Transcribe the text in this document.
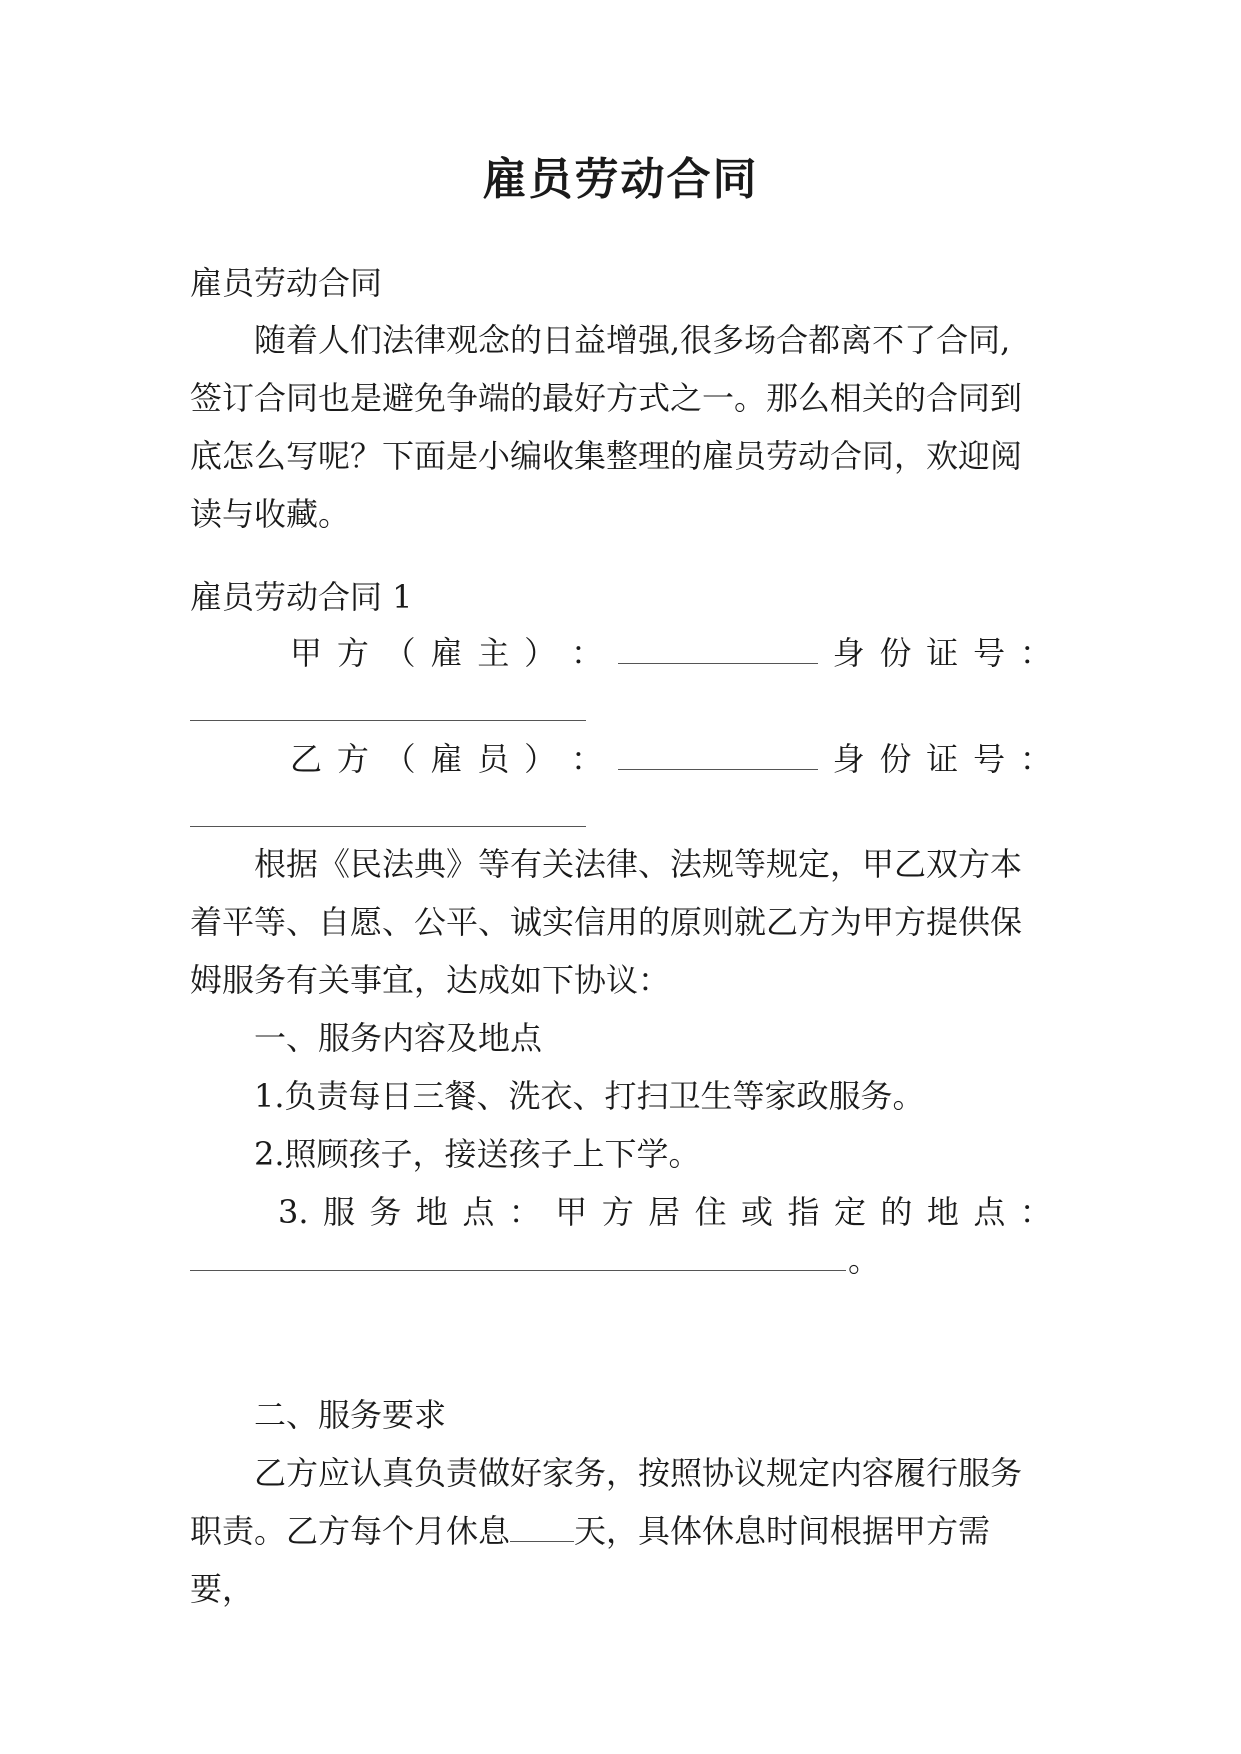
雇员劳动合同

雇员劳动合同

随着人们法律观念的日益增强,很多场合都离不了合同,

签订合同也是避免争端的最好方式之一。那么相关的合同到

底怎么写呢？下面是小编收集整理的雇员劳动合同，欢迎阅

读与收藏。

雇员劳动合同 1

甲 方 （ 雇 主 ） ：	身 份 证 号 ：
乙 方 （ 雇 员 ） ：	身 份 证 号 ：

根据《民法典》等有关法律、法规等规定，甲乙双方本

着平等、自愿、公平、诚实信用的原则就乙方为甲方提供保

姆服务有关事宜，达成如下协议：

一、服务内容及地点

1.负责每日三餐、洗衣、打扫卫生等家政服务。

2.照顾孩子，接送孩子上下学。

3. 服 务 地 点 ： 甲 方 居 住 或 指 定 的 地 点 ：
。

二、服务要求

乙方应认真负责做好家务，按照协议规定内容履行服务

职责。乙方每个月休息 天，具体休息时间根据甲方需要，
